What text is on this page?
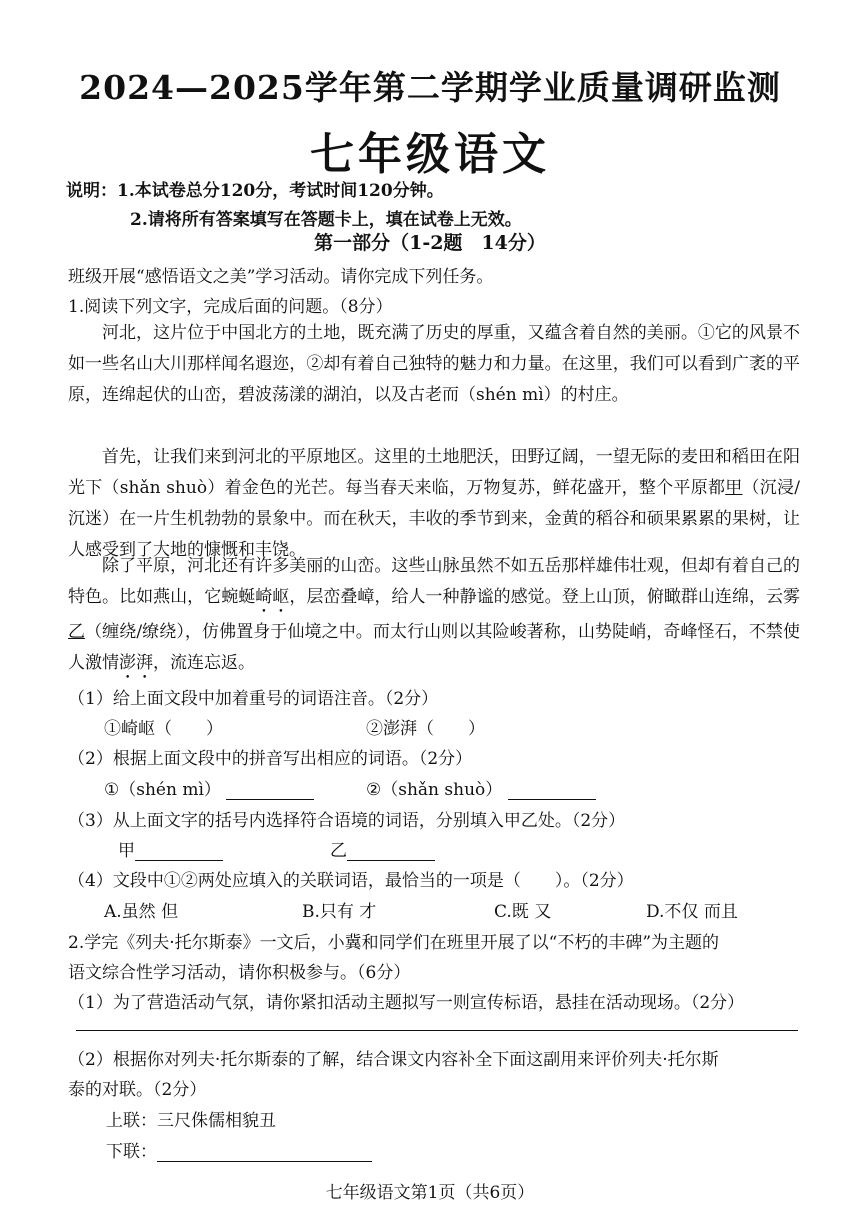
2024—2025学年第二学期学业质量调研监测
七年级语文
说明：1.本试卷总分120分，考试时间120分钟。
2.请将所有答案填写在答题卡上，填在试卷上无效。
第一部分（1-2题　14分）
班级开展“感悟语文之美”学习活动。请你完成下列任务。
1.阅读下列文字，完成后面的问题。（8分）
河北，这片位于中国北方的土地，既充满了历史的厚重，又蕴含着自然的美丽。①它的风景不如一些名山大川那样闻名遐迩，②却有着自己独特的魅力和力量。在这里，我们可以看到广袤的平原，连绵起伏的山峦，碧波荡漾的湖泊，以及古老而（shén mì）的村庄。
首先，让我们来到河北的平原地区。这里的土地肥沃，田野辽阔，一望无际的麦田和稻田在阳光下（shǎn shuò）着金色的光芒。每当春天来临，万物复苏，鲜花盛开，整个平原都甲（沉浸/沉迷）在一片生机勃勃的景象中。而在秋天，丰收的季节到来，金黄的稻谷和硕果累累的果树，让人感受到了大地的慷慨和丰饶。
除了平原，河北还有许多美丽的山峦。这些山脉虽然不如五岳那样雄伟壮观，但却有着自己的特色。比如燕山，它蜿蜒崎岖，层峦叠嶂，给人一种静谧的感觉。登上山顶，俯瞰群山连绵，云雾乙（缠绕/缭绕），仿佛置身于仙境之中。而太行山则以其险峻著称，山势陡峭，奇峰怪石，不禁使人激情澎湃，流连忘返。
（1）给上面文段中加着重号的词语注音。（2分）
①崎岖（　　）	②澎湃（　　）
（2）根据上面文段中的拼音写出相应的词语。（2分）
①（shén mì）	②（shǎn shuò）
（3）从上面文字的括号内选择符合语境的词语，分别填入甲乙处。（2分）
甲	乙
（4）文段中①②两处应填入的关联词语，最恰当的一项是（　　）。（2分）
A.虽然 但	B.只有 才	C.既 又	D.不仅 而且
2.学完《列夫·托尔斯泰》一文后，小冀和同学们在班里开展了以“不朽的丰碑”为主题的
语文综合性学习活动，请你积极参与。（6分）
（1）为了营造活动气氛，请你紧扣活动主题拟写一则宣传标语，悬挂在活动现场。（2分）
（2）根据你对列夫·托尔斯泰的了解，结合课文内容补全下面这副用来评价列夫·托尔斯
泰的对联。（2分）
上联：三尺侏儒相貌丑
下联：
七年级语文第1页（共6页）
